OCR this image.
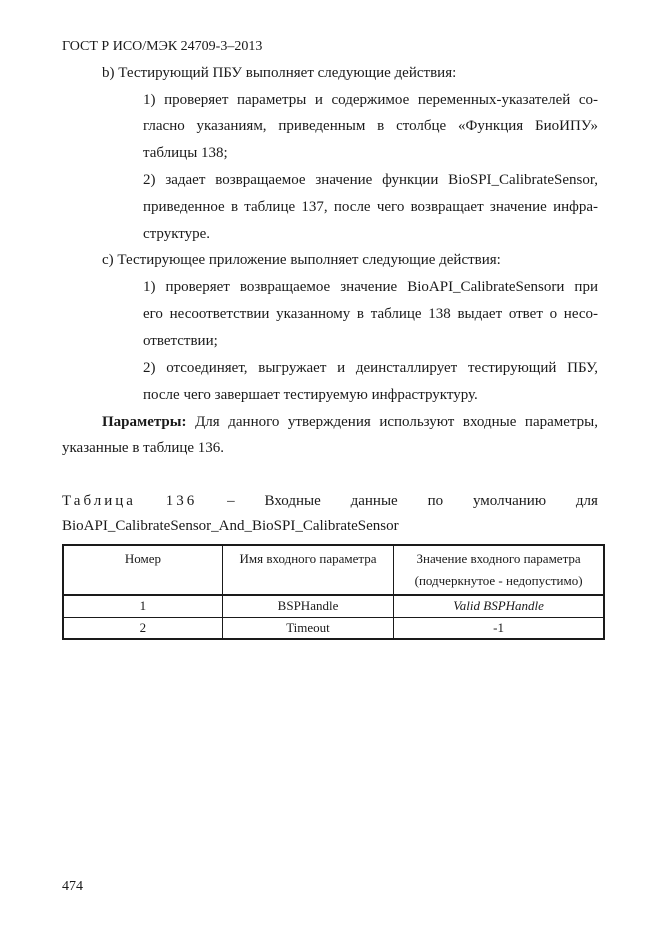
ГОСТ Р ИСО/МЭК 24709-3–2013
b) Тестирующий ПБУ выполняет следующие действия:
1) проверяет параметры и содержимое переменных-указателей со-
гласно указаниям, приведенным в столбце «Функция БиоИПУ»
таблицы 138;
2) задает возвращаемое значение функции BioSPI_CalibrateSensor,
приведенное в таблице 137, после чего возвращает значение инфра-
структуре.
c) Тестирующее приложение выполняет следующие действия:
1) проверяет возвращаемое значение BioAPI_CalibrateSensorи при
его несоответствии указанному в таблице 138 выдает ответ о несо-
ответствии;
2) отсоединяет, выгружает и деинсталлирует тестирующий ПБУ,
после чего завершает тестируемую инфраструктуру.
Параметры: Для данного утверждения используют входные параметры,
указанные в таблице 136.
Таблица 136 – Входные данные по умолчанию для
BioAPI_CalibrateSensor_And_BioSPI_CalibrateSensor
Номер	Имя входного параметра	Значение входного параметра
(подчеркнутое - недопустимо)
1	BSPHandle	Valid BSPHandle
2	Timeout	-1
474
